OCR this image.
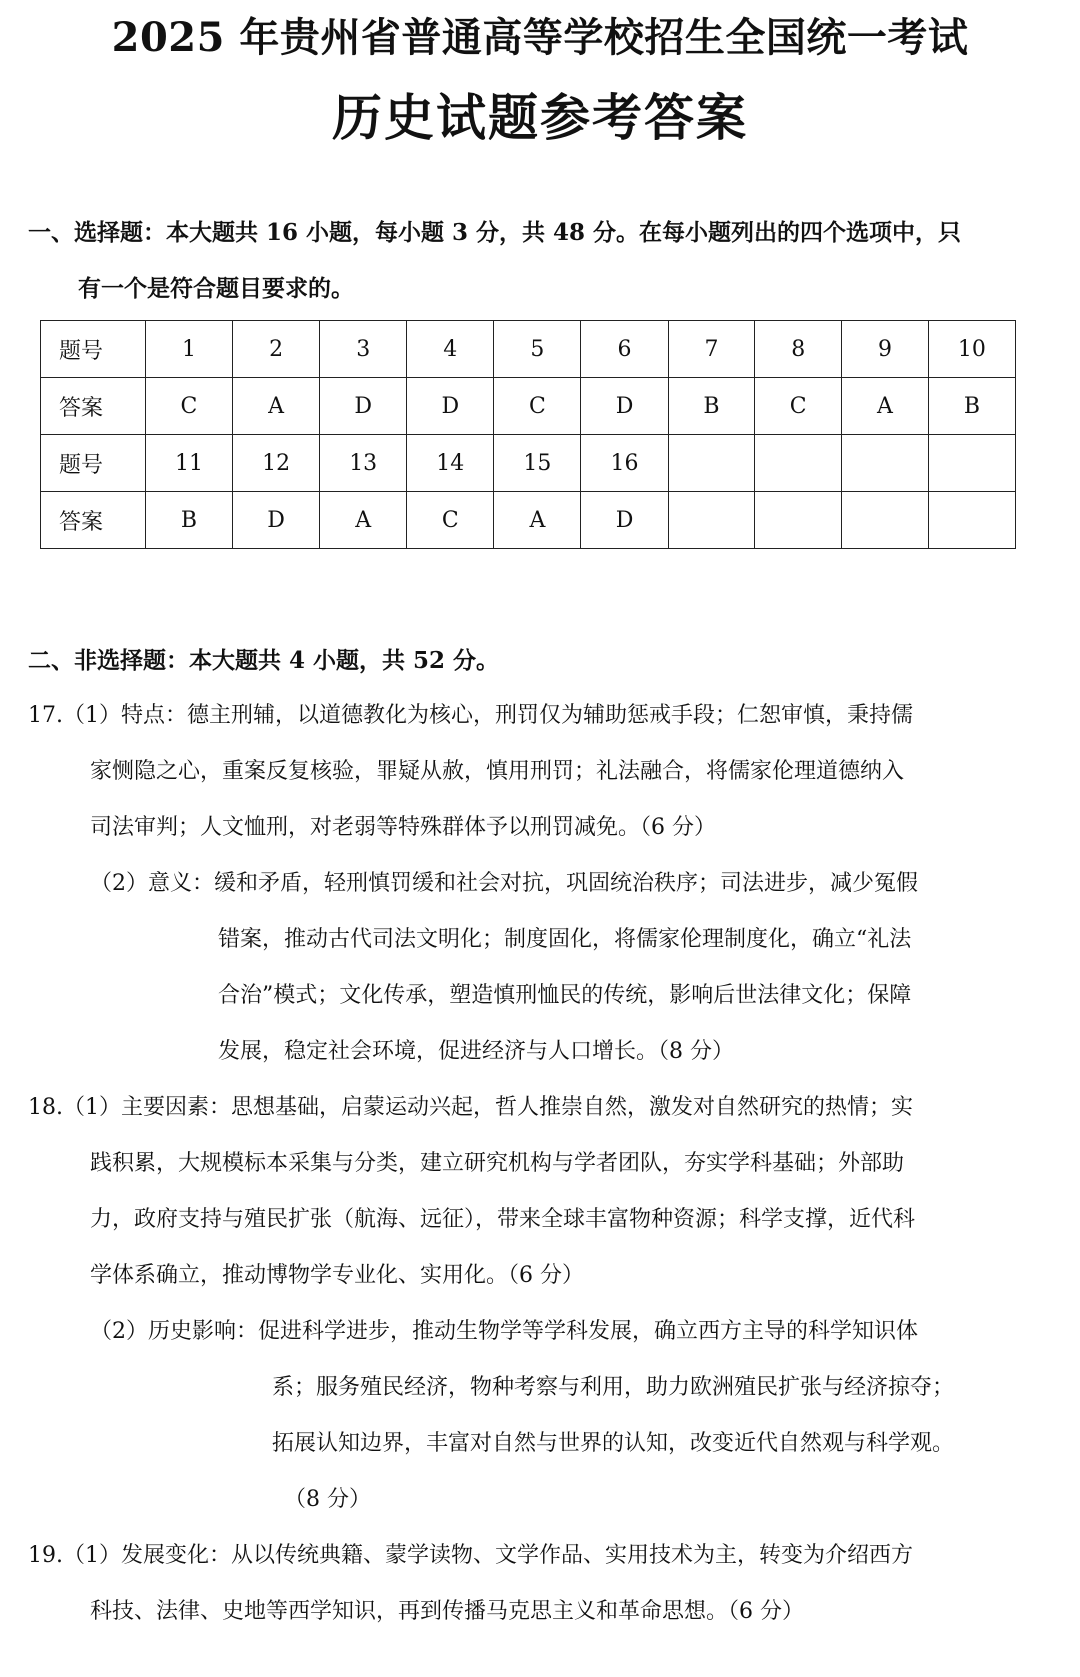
2025 年贵州省普通高等学校招生全国统一考试
历史试题参考答案
一、选择题：本大题共 16 小题，每小题 3 分，共 48 分。在每小题列出的四个选项中，只
有一个是符合题目要求的。
题号	1	2	3	4	5	6	7	8	9	10
答案	C	A	D	D	C	D	B	C	A	B
题号	11	12	13	14	15	16				
答案	B	D	A	C	A	D				
二、非选择题：本大题共 4 小题，共 52 分。
17.（1）特点：德主刑辅，以道德教化为核心，刑罚仅为辅助惩戒手段；仁恕审慎，秉持儒
家恻隐之心，重案反复核验，罪疑从赦，慎用刑罚；礼法融合，将儒家伦理道德纳入
司法审判；人文恤刑，对老弱等特殊群体予以刑罚减免。（6 分）
（2）意义：缓和矛盾，轻刑慎罚缓和社会对抗，巩固统治秩序；司法进步，减少冤假
错案，推动古代司法文明化；制度固化，将儒家伦理制度化，确立“礼法
合治”模式；文化传承，塑造慎刑恤民的传统，影响后世法律文化；保障
发展，稳定社会环境，促进经济与人口增长。（8 分）
18.（1）主要因素：思想基础，启蒙运动兴起，哲人推崇自然，激发对自然研究的热情；实
践积累，大规模标本采集与分类，建立研究机构与学者团队，夯实学科基础；外部助
力，政府支持与殖民扩张（航海、远征），带来全球丰富物种资源；科学支撑，近代科
学体系确立，推动博物学专业化、实用化。（6 分）
（2）历史影响：促进科学进步，推动生物学等学科发展，确立西方主导的科学知识体
系；服务殖民经济，物种考察与利用，助力欧洲殖民扩张与经济掠夺；
拓展认知边界，丰富对自然与世界的认知，改变近代自然观与科学观。
（8 分）
19.（1）发展变化：从以传统典籍、蒙学读物、文学作品、实用技术为主，转变为介绍西方
科技、法律、史地等西学知识，再到传播马克思主义和革命思想。（6 分）
